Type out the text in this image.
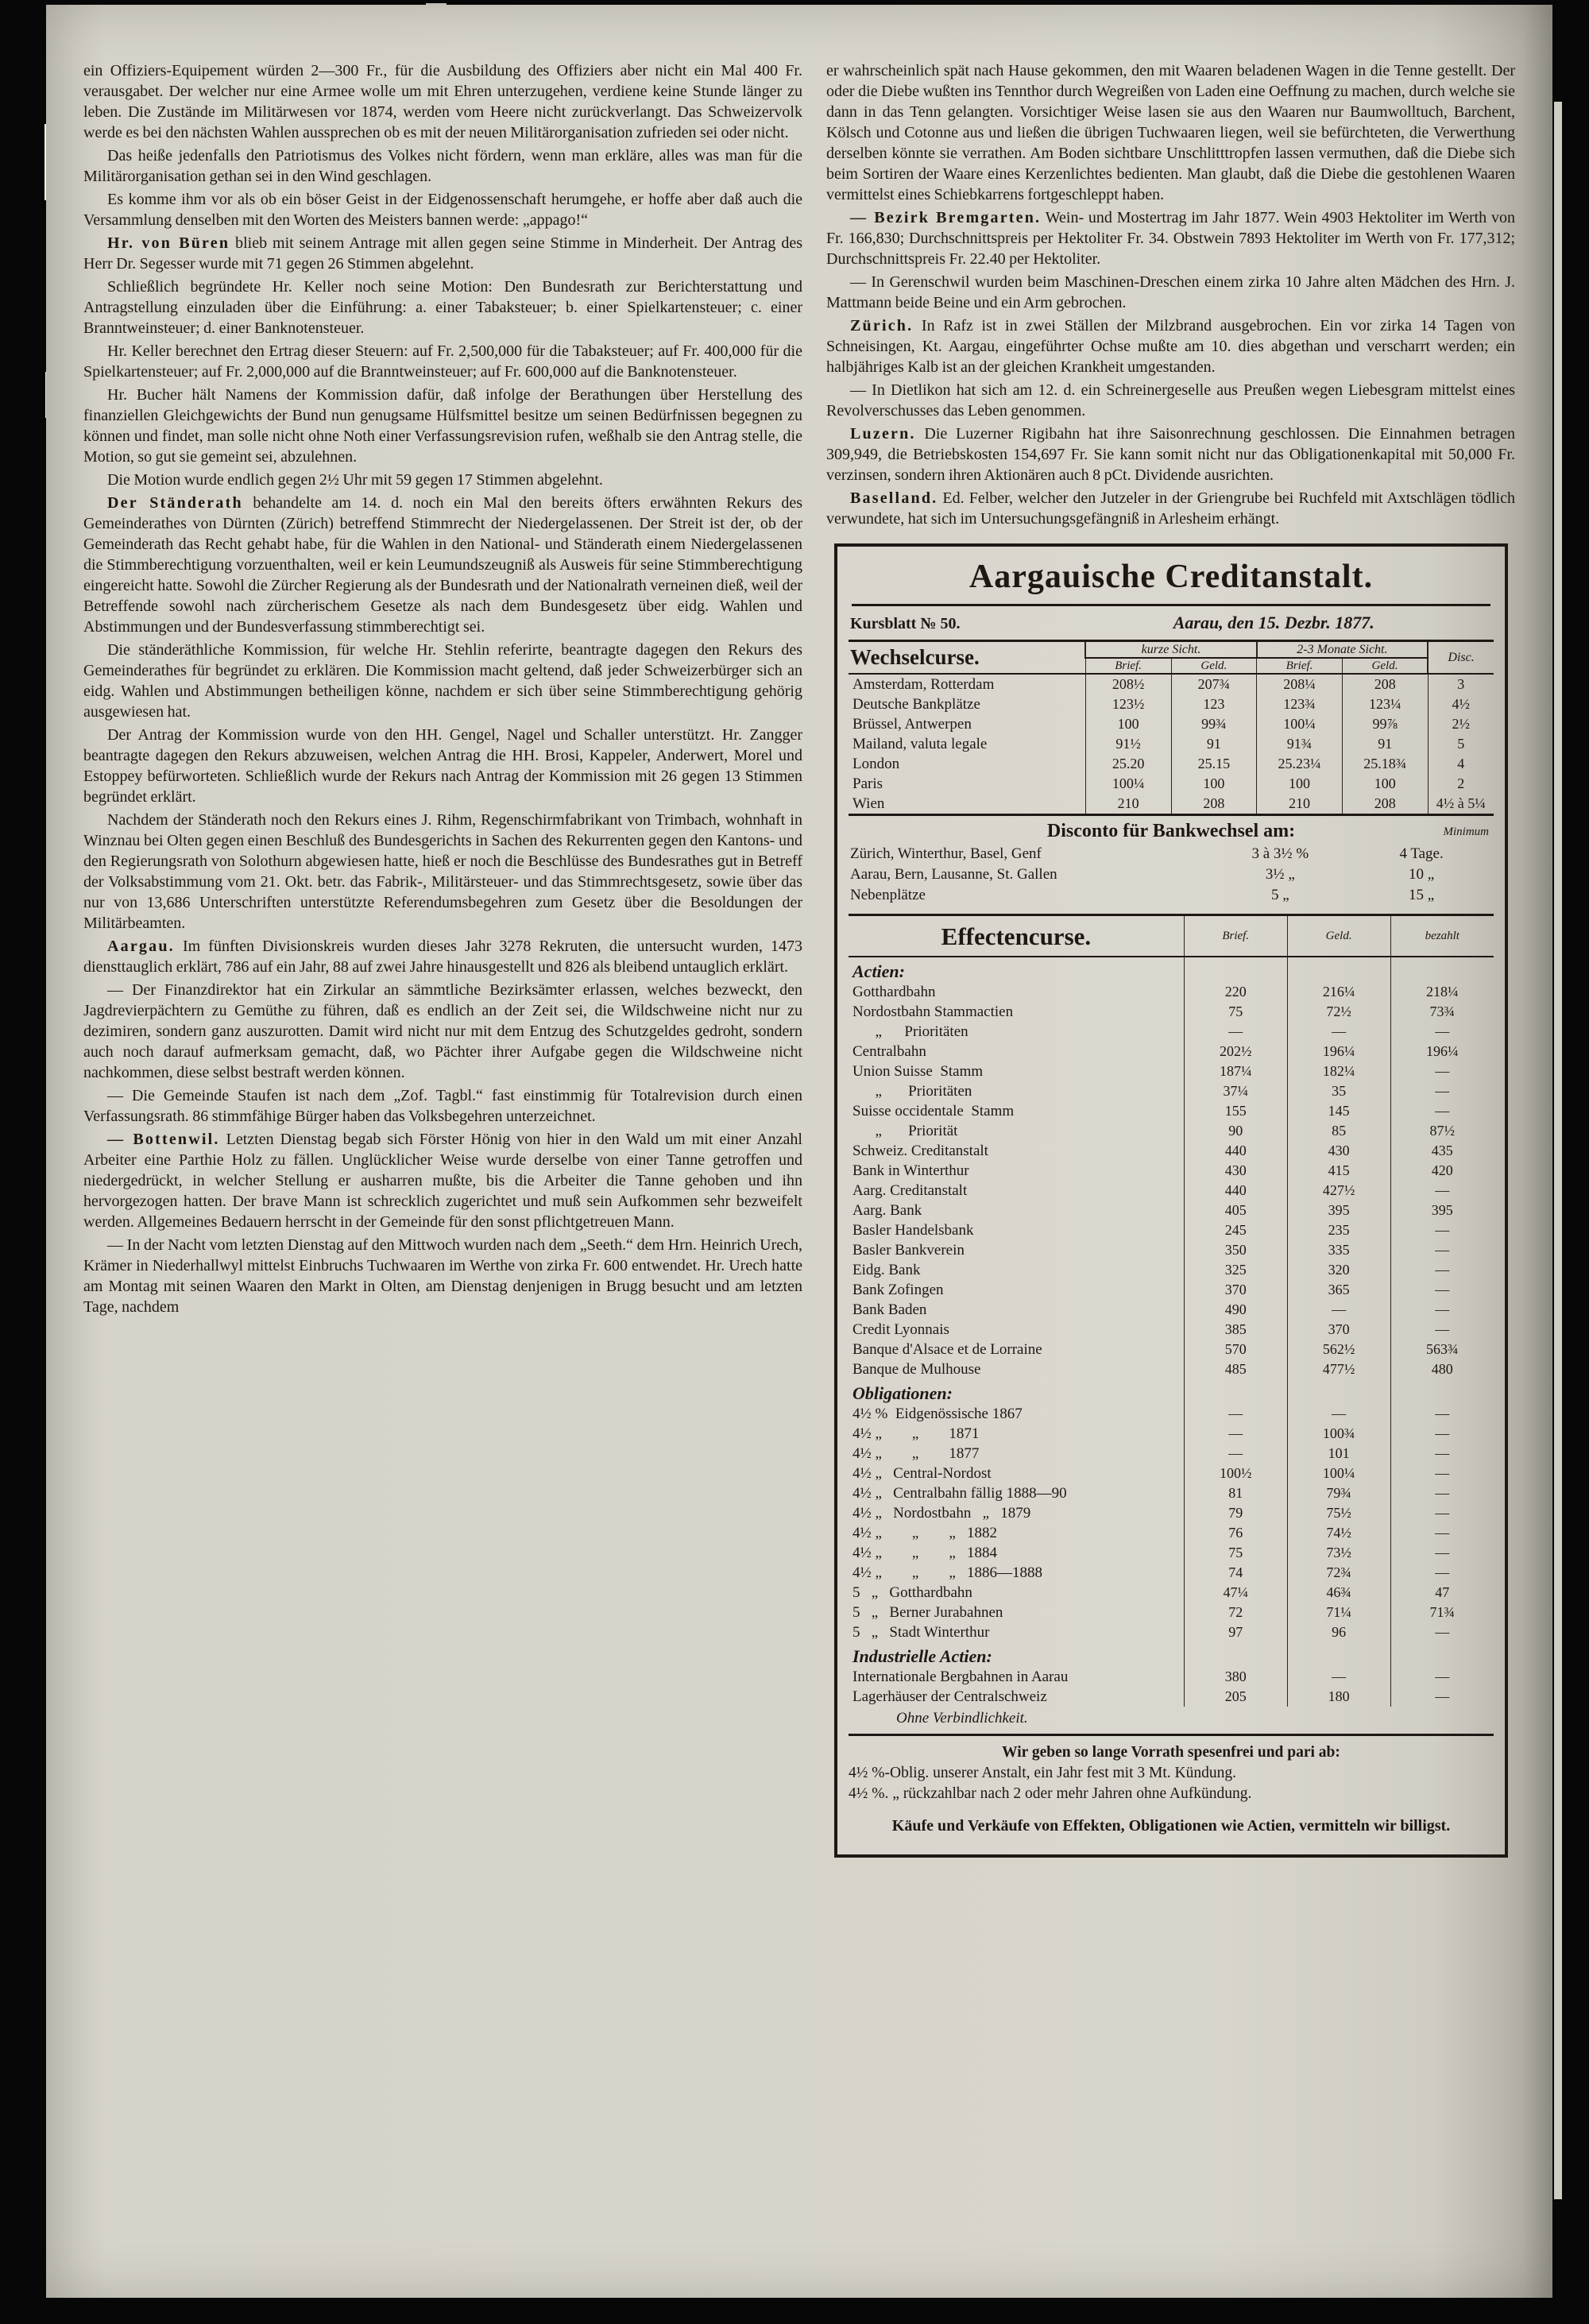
ein Offiziers-Equipement würden 2—300 Fr., für die Ausbildung des Offiziers aber nicht ein Mal 400 Fr. verausgabet. Der welcher nur eine Armee wolle um mit Ehren unterzugehen, verdiene keine Stunde länger zu leben. Die Zustände im Militärwesen vor 1874, werden vom Heere nicht zurückverlangt. Das Schweizervolk werde es bei den nächsten Wahlen aussprechen ob es mit der neuen Militärorganisation zufrieden sei oder nicht.

Das heiße jedenfalls den Patriotismus des Volkes nicht fördern, wenn man erkläre, alles was man für die Militärorganisation gethan sei in den Wind geschlagen.

Es komme ihm vor als ob ein böser Geist in der Eidgenossenschaft herumgehe, er hoffe aber daß auch die Versammlung denselben mit den Worten des Meisters bannen werde: „appago!“

Hr. von Büren blieb mit seinem Antrage mit allen gegen seine Stimme in Minderheit. Der Antrag des Herr Dr. Segesser wurde mit 71 gegen 26 Stimmen abgelehnt.

Schließlich begründete Hr. Keller noch seine Motion: Den Bundesrath zur Berichterstattung und Antragstellung einzuladen über die Einführung: a. einer Tabaksteuer; b. einer Spielkartensteuer; c. einer Branntweinsteuer; d. einer Banknotensteuer.

Hr. Keller berechnet den Ertrag dieser Steuern: auf Fr. 2,500,000 für die Tabaksteuer; auf Fr. 400,000 für die Spielkartensteuer; auf Fr. 2,000,000 auf die Branntweinsteuer; auf Fr. 600,000 auf die Banknotensteuer.

Hr. Bucher hält Namens der Kommission dafür, daß infolge der Berathungen über Herstellung des finanziellen Gleichgewichts der Bund nun genugsame Hülfsmittel besitze um seinen Bedürfnissen begegnen zu können und findet, man solle nicht ohne Noth einer Verfassungsrevision rufen, weßhalb sie den Antrag stelle, die Motion, so gut sie gemeint sei, abzulehnen.

Die Motion wurde endlich gegen 2½ Uhr mit 59 gegen 17 Stimmen abgelehnt.

Der Ständerath behandelte am 14. d. noch ein Mal den bereits öfters erwähnten Rekurs des Gemeinderathes von Dürnten (Zürich) betreffend Stimmrecht der Niedergelassenen. Der Streit ist der, ob der Gemeinderath das Recht gehabt habe, für die Wahlen in den National- und Ständerath einem Niedergelassenen die Stimmberechtigung vorzuenthalten, weil er kein Leumundszeugniß als Ausweis für seine Stimmberechtigung eingereicht hatte. Sowohl die Zürcher Regierung als der Bundesrath und der Nationalrath verneinen dieß, weil der Betreffende sowohl nach zürcherischem Gesetze als nach dem Bundesgesetz über eidg. Wahlen und Abstimmungen und der Bundesverfassung stimmberechtigt sei.

Die ständeräthliche Kommission, für welche Hr. Stehlin referirte, beantragte dagegen den Rekurs des Gemeinderathes für begründet zu erklären. Die Kommission macht geltend, daß jeder Schweizerbürger sich an eidg. Wahlen und Abstimmungen betheiligen könne, nachdem er sich über seine Stimmberechtigung gehörig ausgewiesen hat.

Der Antrag der Kommission wurde von den HH. Gengel, Nagel und Schaller unterstützt. Hr. Zangger beantragte dagegen den Rekurs abzuweisen, welchen Antrag die HH. Brosi, Kappeler, Anderwert, Morel und Estoppey befürworteten. Schließlich wurde der Rekurs nach Antrag der Kommission mit 26 gegen 13 Stimmen begründet erklärt.

Nachdem der Ständerath noch den Rekurs eines J. Rihm, Regenschirmfabrikant von Trimbach, wohnhaft in Winznau bei Olten gegen einen Beschluß des Bundesgerichts in Sachen des Rekurrenten gegen den Kantons- und den Regierungsrath von Solothurn abgewiesen hatte, hieß er noch die Beschlüsse des Bundesrathes gut in Betreff der Volksabstimmung vom 21. Okt. betr. das Fabrik-, Militärsteuer- und das Stimmrechtsgesetz, sowie über das nur von 13,686 Unterschriften unterstützte Referendumsbegehren zum Gesetz über die Besoldungen der Militärbeamten.

Aargau. Im fünften Divisionskreis wurden dieses Jahr 3278 Rekruten, die untersucht wurden, 1473 diensttauglich erklärt, 786 auf ein Jahr, 88 auf zwei Jahre hinausgestellt und 826 als bleibend untauglich erklärt.

— Der Finanzdirektor hat ein Zirkular an sämmtliche Bezirksämter erlassen, welches bezweckt, den Jagdrevierpächtern zu Gemüthe zu führen, daß es endlich an der Zeit sei, die Wildschweine nicht nur zu dezimiren, sondern ganz auszurotten. Damit wird nicht nur mit dem Entzug des Schutzgeldes gedroht, sondern auch noch darauf aufmerksam gemacht, daß, wo Pächter ihrer Aufgabe gegen die Wildschweine nicht nachkommen, diese selbst bestraft werden können.

— Die Gemeinde Staufen ist nach dem „Zof. Tagbl.“ fast einstimmig für Totalrevision durch einen Verfassungsrath. 86 stimmfähige Bürger haben das Volksbegehren unterzeichnet.

— Bottenwil. Letzten Dienstag begab sich Förster Hönig von hier in den Wald um mit einer Anzahl Arbeiter eine Parthie Holz zu fällen. Unglücklicher Weise wurde derselbe von einer Tanne getroffen und niedergedrückt, in welcher Stellung er ausharren mußte, bis die Arbeiter die Tanne gehoben und ihn hervorgezogen hatten. Der brave Mann ist schrecklich zugerichtet und muß sein Aufkommen sehr bezweifelt werden. Allgemeines Bedauern herrscht in der Gemeinde für den sonst pflichtgetreuen Mann.

— In der Nacht vom letzten Dienstag auf den Mittwoch wurden nach dem „Seeth.“ dem Hrn. Heinrich Urech, Krämer in Niederhallwyl mittelst Einbruchs Tuchwaaren im Werthe von zirka Fr. 600 entwendet. Hr. Urech hatte am Montag mit seinen Waaren den Markt in Olten, am Dienstag denjenigen in Brugg besucht und am letzten Tage, nachdem

er wahrscheinlich spät nach Hause gekommen, den mit Waaren beladenen Wagen in die Tenne gestellt. Der oder die Diebe wußten ins Tennthor durch Wegreißen von Laden eine Oeffnung zu machen, durch welche sie dann in das Tenn gelangten. Vorsichtiger Weise lasen sie aus den Waaren nur Baumwolltuch, Barchent, Kölsch und Cotonne aus und ließen die übrigen Tuchwaaren liegen, weil sie befürchteten, die Verwerthung derselben könnte sie verrathen. Am Boden sichtbare Unschlitttropfen lassen vermuthen, daß die Diebe sich beim Sortiren der Waare eines Kerzenlichtes bedienten. Man glaubt, daß die Diebe die gestohlenen Waaren vermittelst eines Schiebkarrens fortgeschleppt haben.

— Bezirk Bremgarten. Wein- und Mostertrag im Jahr 1877. Wein 4903 Hektoliter im Werth von Fr. 166,830; Durchschnittspreis per Hektoliter Fr. 34. Obstwein 7893 Hektoliter im Werth von Fr. 177,312; Durchschnittspreis Fr. 22.40 per Hektoliter.

— In Gerenschwil wurden beim Maschinen-Dreschen einem zirka 10 Jahre alten Mädchen des Hrn. J. Mattmann beide Beine und ein Arm gebrochen.

Zürich. In Rafz ist in zwei Ställen der Milzbrand ausgebrochen. Ein vor zirka 14 Tagen von Schneisingen, Kt. Aargau, eingeführter Ochse mußte am 10. dies abgethan und verscharrt werden; ein halbjähriges Kalb ist an der gleichen Krankheit umgestanden.

— In Dietlikon hat sich am 12. d. ein Schreinergeselle aus Preußen wegen Liebesgram mittelst eines Revolverschusses das Leben genommen.

Luzern. Die Luzerner Rigibahn hat ihre Saisonrechnung geschlossen. Die Einnahmen betragen 309,949, die Betriebskosten 154,697 Fr. Sie kann somit nicht nur das Obligationenkapital mit 50,000 Fr. verzinsen, sondern ihren Aktionären auch 8 pCt. Dividende ausrichten.

Baselland. Ed. Felber, welcher den Jutzeler in der Griengrube bei Ruchfeld mit Axtschlägen tödlich verwundete, hat sich im Untersuchungsgefängniß in Arlesheim erhängt.

Aargauische Creditanstalt.
Kursblatt № 50.	Aarau, den 15. Dezbr. 1877.
Wechselcurse.	kurze Sicht.		2-3 Monate Sicht.		Disc.
	Brief.	Geld.	Brief.	Geld.	
Amsterdam, Rotterdam	208½	207¾	208¼	208	3
Deutsche Bankplätze	123½	123	123¾	123¼	4½
Brüssel, Antwerpen	100	99¾	100¼	99⅞	2½
Mailand, valuta legale	91½	91	91¾	91	5
London	25.20	25.15	25.23¼	25.18¾	4
Paris	100¼	100	100	100	2
Wien	210	208	210	208	4½ à 5¼
Disconto für Bankwechsel am:	Minimum
Zürich, Winterthur, Basel, Genf	3 à 3½ %	4 Tage.
Aarau, Bern, Lausanne, St. Gallen	3½ „	10 „
Nebenplätze	5 „	15 „
Effectencurse.	Brief.	Geld.	bezahlt
Actien:			
Gotthardbahn	220	216¼	218¼
Nordostbahn Stammactien	75	72½	73¾
„      Prioritäten	—	—	—
Centralbahn	202½	196¼	196¼
Union Suisse  Stamm	187¼	182¼	—
„       Prioritäten	37¼	35	—
Suisse occidentale  Stamm	155	145	—
„       Priorität	90	85	87½
Schweiz. Creditanstalt	440	430	435
Bank in Winterthur	430	415	420
Aarg. Creditanstalt	440	427½	—
Aarg. Bank	405	395	395
Basler Handelsbank	245	235	—
Basler Bankverein	350	335	—
Eidg. Bank	325	320	—
Bank Zofingen	370	365	—
Bank Baden	490	—	—
Credit Lyonnais	385	370	—
Banque d'Alsace et de Lorraine	570	562½	563¾
Banque de Mulhouse	485	477½	480
Obligationen:			
4½ %  Eidgenössische 1867	—	—	—
4½ „        „        1871	—	100¾	—
4½ „        „        1877	—	101	—
4½ „   Central-Nordost	100½	100¼	—
4½ „   Centralbahn fällig 1888—90	81	79¾	—
4½ „   Nordostbahn   „   1879	79	75½	—
4½ „        „        „   1882	76	74½	—
4½ „        „        „   1884	75	73½	—
4½ „        „        „   1886—1888	74	72¾	—
5   „   Gotthardbahn	47¼	46¾	47
5   „   Berner Jurabahnen	72	71¼	71¾
5   „   Stadt Winterthur	97	96	—
Industrielle Actien:			
Internationale Bergbahnen in Aarau	380	—	—
Lagerhäuser der Centralschweiz	205	180	—
Ohne Verbindlichkeit.
Wir geben so lange Vorrath spesenfrei und pari ab:
4½ %-Oblig. unserer Anstalt, ein Jahr fest mit 3 Mt. Kündung.
4½ %. „ rückzahlbar nach 2 oder mehr Jahren ohne Aufkündung.
Käufe und Verkäufe von Effekten, Obligationen wie Actien, vermitteln wir billigst.
